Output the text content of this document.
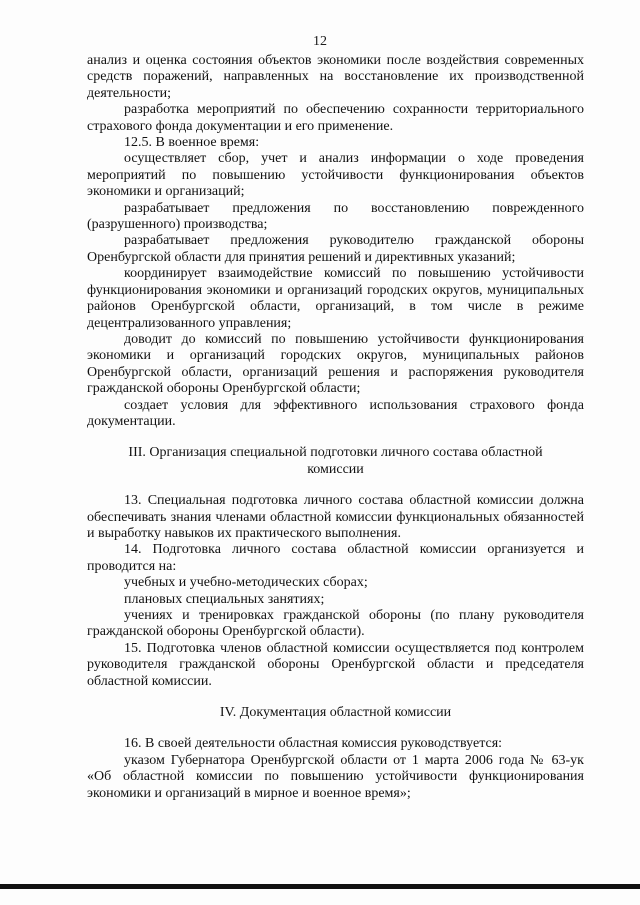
12

анализ и оценка состояния объектов экономики после воздействия современных средств поражений, направленных на восстановление их производственной деятельности;

разработка мероприятий по обеспечению сохранности территориального страхового фонда документации и его применение.

12.5. В военное время:

осуществляет сбор, учет и анализ информации о ходе проведения мероприятий по повышению устойчивости функционирования объектов экономики и организаций;

разрабатывает предложения по восстановлению поврежденного (разрушенного) производства;

разрабатывает предложения руководителю гражданской обороны Оренбургской области для принятия решений и директивных указаний;

координирует взаимодействие комиссий по повышению устойчивости функционирования экономики и организаций городских округов, муниципальных районов Оренбургской области, организаций, в том числе в режиме децентрализованного управления;

доводит до комиссий по повышению устойчивости функционирования экономики и организаций городских округов, муниципальных районов Оренбургской области, организаций решения и распоряжения руководителя гражданской обороны Оренбургской области;

создает условия для эффективного использования страхового фонда документации.

III. Организация специальной подготовки личного состава областной комиссии

13. Специальная подготовка личного состава областной комиссии должна обеспечивать знания членами областной комиссии функциональных обязанностей и выработку навыков их практического выполнения.

14. Подготовка личного состава областной комиссии организуется и проводится на:

учебных и учебно-методических сборах;

плановых специальных занятиях;

учениях и тренировках гражданской обороны (по плану руководителя гражданской обороны Оренбургской области).

15. Подготовка членов областной комиссии осуществляется под контролем руководителя гражданской обороны Оренбургской области и председателя областной комиссии.

IV. Документация областной комиссии

16. В своей деятельности областная комиссия руководствуется:

указом Губернатора Оренбургской области от 1 марта 2006 года № 63-ук «Об областной комиссии по повышению устойчивости функционирования экономики и организаций в мирное и военное время»;
